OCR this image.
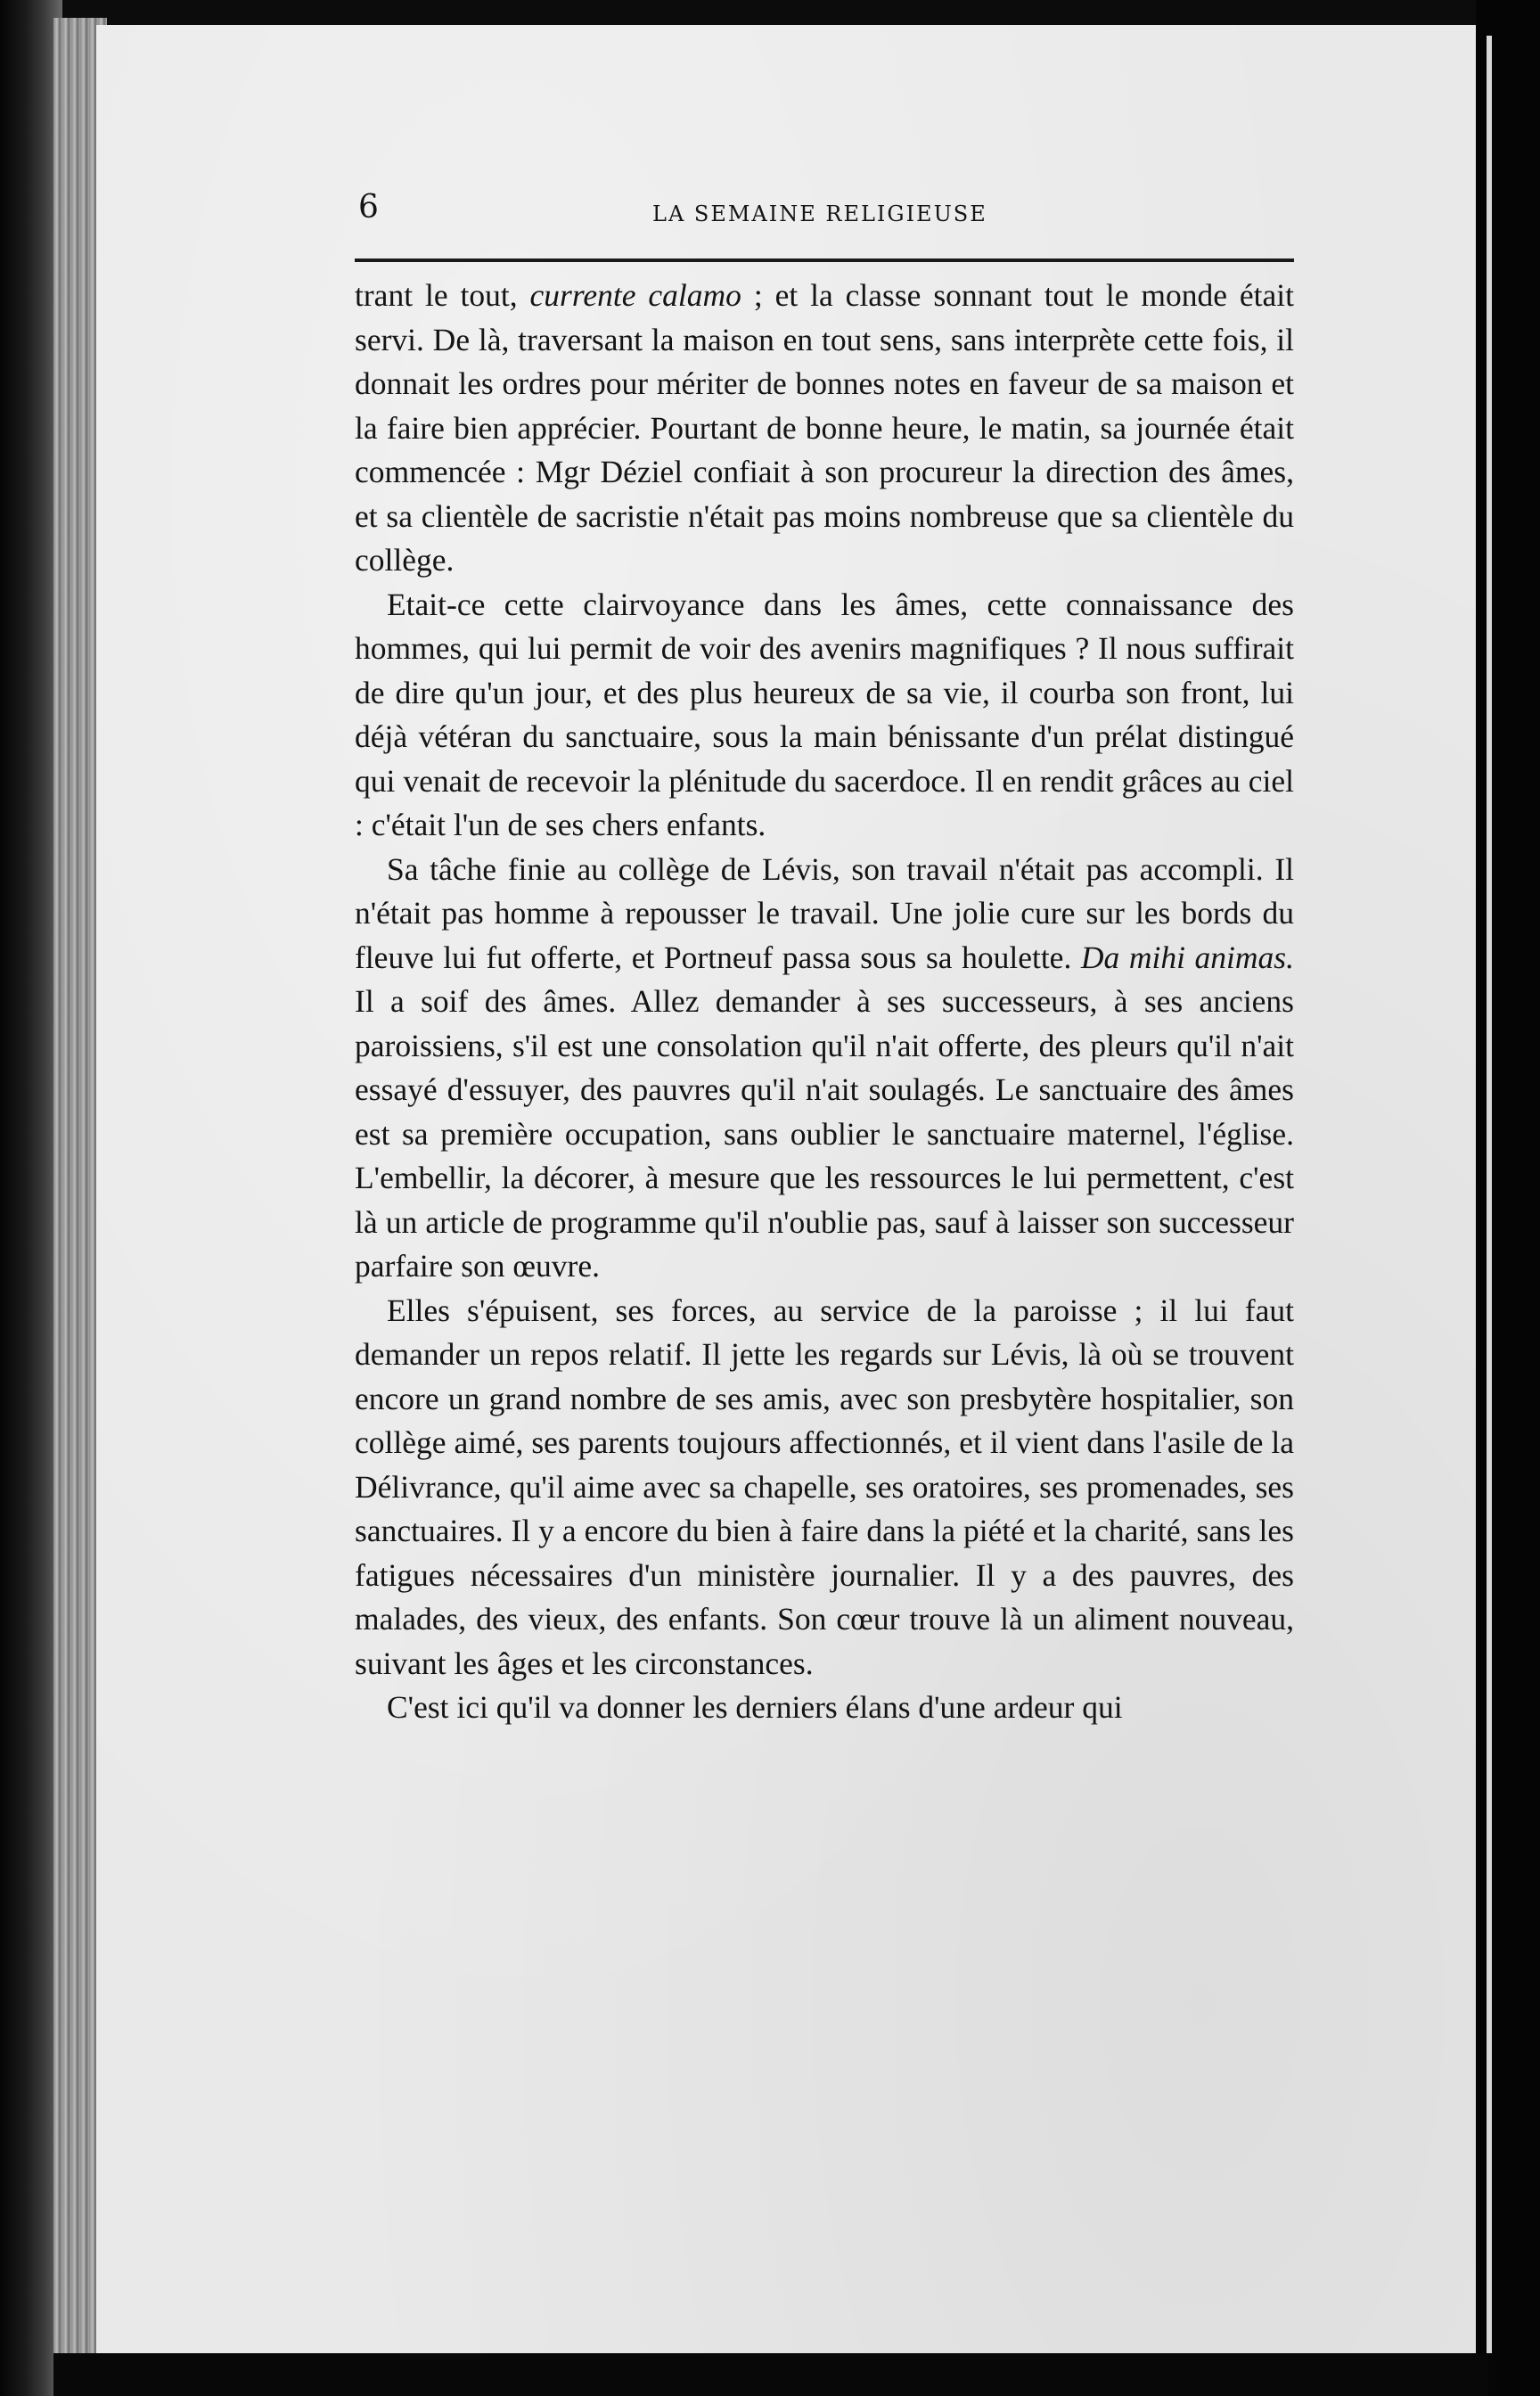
6	LA SEMAINE RELIGIEUSE

trant le tout, currente calamo ; et la classe sonnant tout le monde était servi. De là, traversant la maison en tout sens, sans interprète cette fois, il donnait les ordres pour mériter de bonnes notes en faveur de sa maison et la faire bien apprécier. Pourtant de bonne heure, le matin, sa journée était commencée : Mgr Déziel confiait à son procureur la direction des âmes, et sa clientèle de sacristie n'était pas moins nombreuse que sa clientèle du collège.

Etait-ce cette clairvoyance dans les âmes, cette connaissance des hommes, qui lui permit de voir des avenirs magnifiques ? Il nous suffirait de dire qu'un jour, et des plus heureux de sa vie, il courba son front, lui déjà vétéran du sanctuaire, sous la main bénissante d'un prélat distingué qui venait de recevoir la plénitude du sacerdoce. Il en rendit grâces au ciel : c'était l'un de ses chers enfants.

Sa tâche finie au collège de Lévis, son travail n'était pas accompli. Il n'était pas homme à repousser le travail. Une jolie cure sur les bords du fleuve lui fut offerte, et Portneuf passa sous sa houlette. Da mihi animas. Il a soif des âmes. Allez demander à ses successeurs, à ses anciens paroissiens, s'il est une consolation qu'il n'ait offerte, des pleurs qu'il n'ait essayé d'essuyer, des pauvres qu'il n'ait soulagés. Le sanctuaire des âmes est sa première occupation, sans oublier le sanctuaire maternel, l'église. L'embellir, la décorer, à mesure que les ressources le lui permettent, c'est là un article de programme qu'il n'oublie pas, sauf à laisser son successeur parfaire son œuvre.

Elles s'épuisent, ses forces, au service de la paroisse ; il lui faut demander un repos relatif. Il jette les regards sur Lévis, là où se trouvent encore un grand nombre de ses amis, avec son presbytère hospitalier, son collège aimé, ses parents toujours affectionnés, et il vient dans l'asile de la Délivrance, qu'il aime avec sa chapelle, ses oratoires, ses promenades, ses sanctuaires. Il y a encore du bien à faire dans la piété et la charité, sans les fatigues nécessaires d'un ministère journalier. Il y a des pauvres, des malades, des vieux, des enfants. Son cœur trouve là un aliment nouveau, suivant les âges et les circonstances.

C'est ici qu'il va donner les derniers élans d'une ardeur qui
